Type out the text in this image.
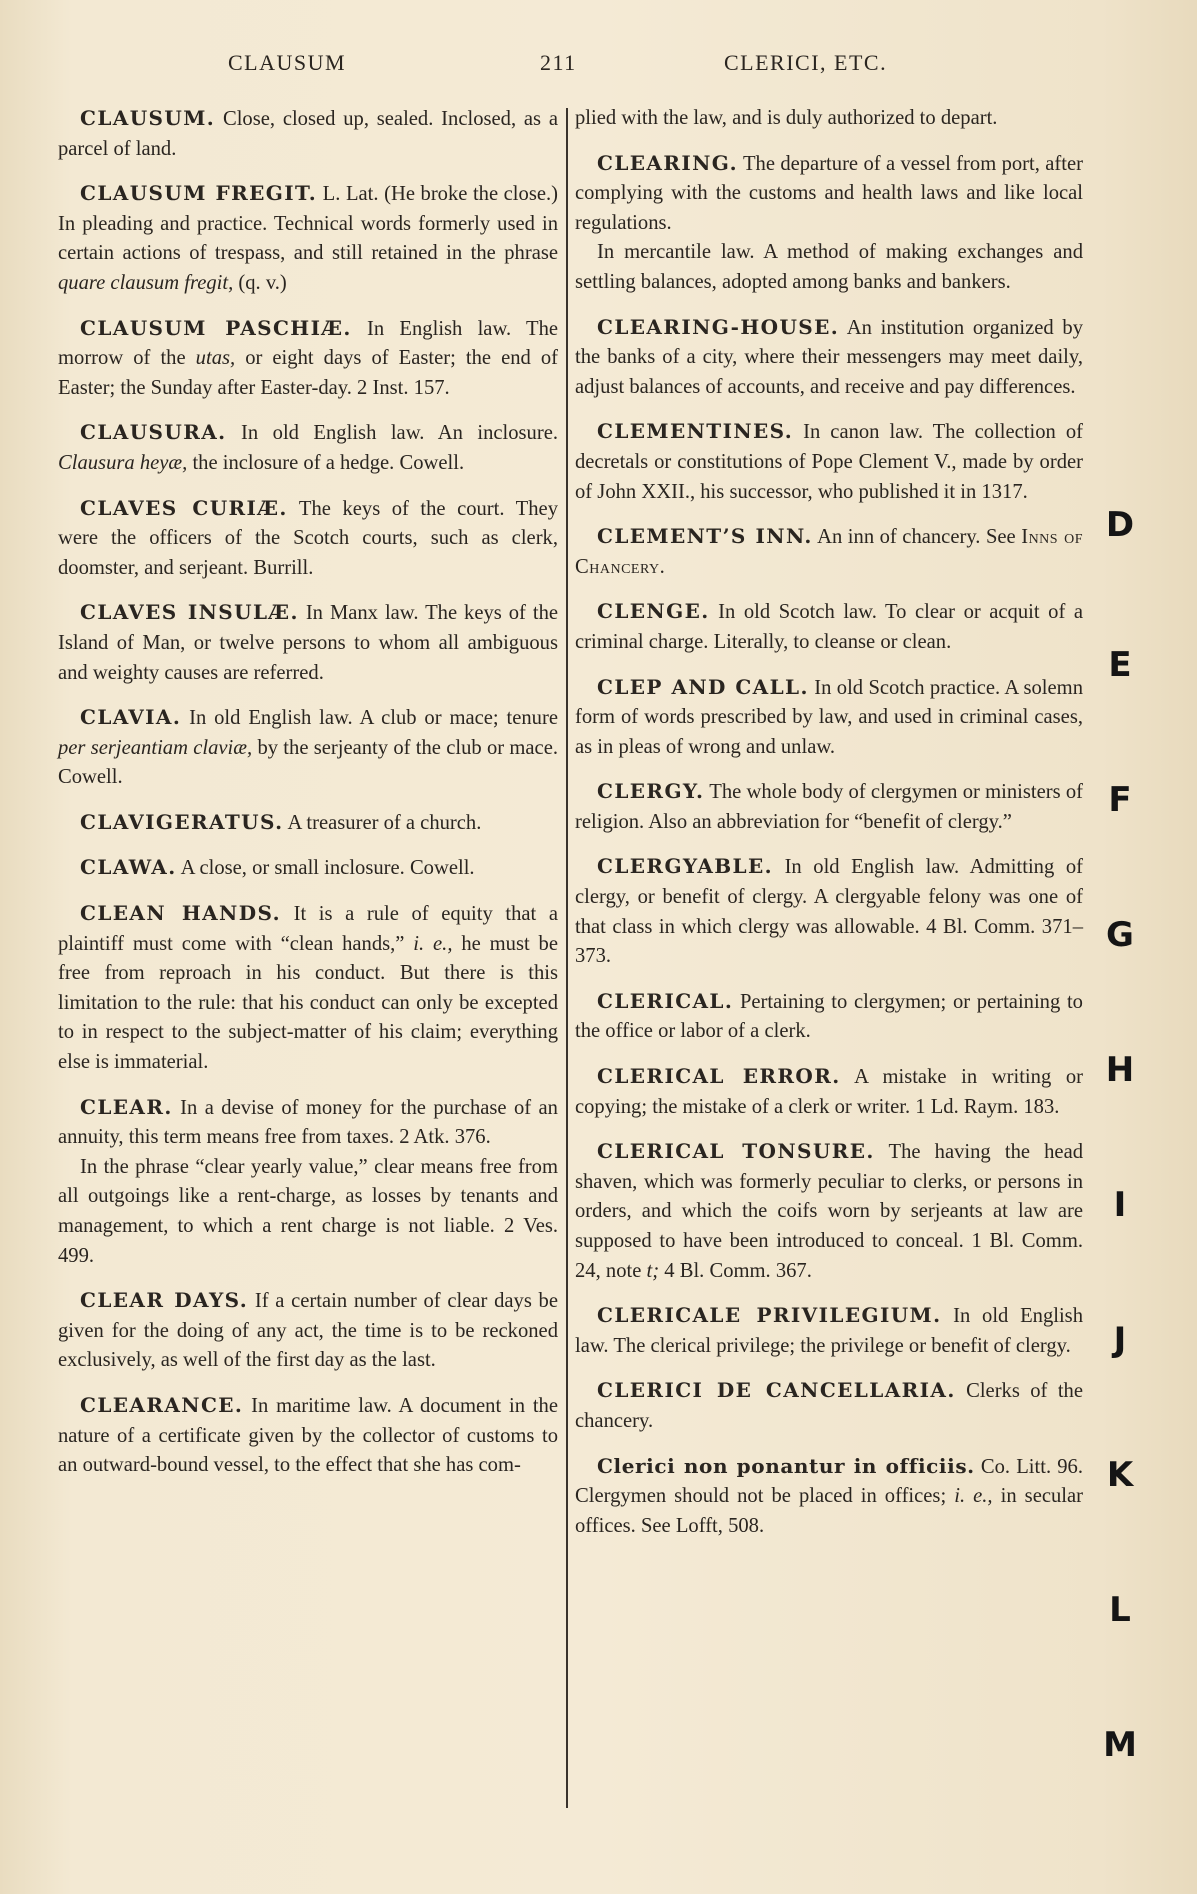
CLAUSUM	211	CLERICI, ETC.

CLAUSUM. Close, closed up, sealed. Inclosed, as a parcel of land.

CLAUSUM FREGIT. L. Lat. (He broke the close.) In pleading and practice. Technical words formerly used in certain actions of trespass, and still retained in the phrase quare clausum fregit, (q. v.)

CLAUSUM PASCHIÆ. In English law. The morrow of the utas, or eight days of Easter; the end of Easter; the Sunday after Easter-day. 2 Inst. 157.

CLAUSURA. In old English law. An inclosure. Clausura heyæ, the inclosure of a hedge. Cowell.

CLAVES CURIÆ. The keys of the court. They were the officers of the Scotch courts, such as clerk, doomster, and serjeant. Burrill.

CLAVES INSULÆ. In Manx law. The keys of the Island of Man, or twelve persons to whom all ambiguous and weighty causes are referred.

CLAVIA. In old English law. A club or mace; tenure per serjeantiam claviæ, by the serjeanty of the club or mace. Cowell.

CLAVIGERATUS. A treasurer of a church.

CLAWA. A close, or small inclosure. Cowell.

CLEAN HANDS. It is a rule of equity that a plaintiff must come with “clean hands,” i. e., he must be free from reproach in his conduct. But there is this limitation to the rule: that his conduct can only be excepted to in respect to the subject-matter of his claim; everything else is immaterial.

CLEAR. In a devise of money for the purchase of an annuity, this term means free from taxes. 2 Atk. 376.

In the phrase “clear yearly value,” clear means free from all outgoings like a rent-charge, as losses by tenants and management, to which a rent charge is not liable. 2 Ves. 499.

CLEAR DAYS. If a certain number of clear days be given for the doing of any act, the time is to be reckoned exclusively, as well of the first day as the last.

CLEARANCE. In maritime law. A document in the nature of a certificate given by the collector of customs to an outward-bound vessel, to the effect that she has com-

plied with the law, and is duly authorized to depart.

CLEARING. The departure of a vessel from port, after complying with the customs and health laws and like local regulations.

In mercantile law. A method of making exchanges and settling balances, adopted among banks and bankers.

CLEARING-HOUSE. An institution organized by the banks of a city, where their messengers may meet daily, adjust balances of accounts, and receive and pay differences.

CLEMENTINES. In canon law. The collection of decretals or constitutions of Pope Clement V., made by order of John XXII., his successor, who published it in 1317.

CLEMENT’S INN. An inn of chancery. See Inns of Chancery.

CLENGE. In old Scotch law. To clear or acquit of a criminal charge. Literally, to cleanse or clean.

CLEP AND CALL. In old Scotch practice. A solemn form of words prescribed by law, and used in criminal cases, as in pleas of wrong and unlaw.

CLERGY. The whole body of clergymen or ministers of religion. Also an abbreviation for “benefit of clergy.”

CLERGYABLE. In old English law. Admitting of clergy, or benefit of clergy. A clergyable felony was one of that class in which clergy was allowable. 4 Bl. Comm. 371–373.

CLERICAL. Pertaining to clergymen; or pertaining to the office or labor of a clerk.

CLERICAL ERROR. A mistake in writing or copying; the mistake of a clerk or writer. 1 Ld. Raym. 183.

CLERICAL TONSURE. The having the head shaven, which was formerly peculiar to clerks, or persons in orders, and which the coifs worn by serjeants at law are supposed to have been introduced to conceal. 1 Bl. Comm. 24, note t; 4 Bl. Comm. 367.

CLERICALE PRIVILEGIUM. In old English law. The clerical privilege; the privilege or benefit of clergy.

CLERICI DE CANCELLARIA. Clerks of the chancery.

Clerici non ponantur in officiis. Co. Litt. 96. Clergymen should not be placed in offices; i. e., in secular offices. See Lofft, 508.

D
E
F
G
H
I
J
K
L
M
